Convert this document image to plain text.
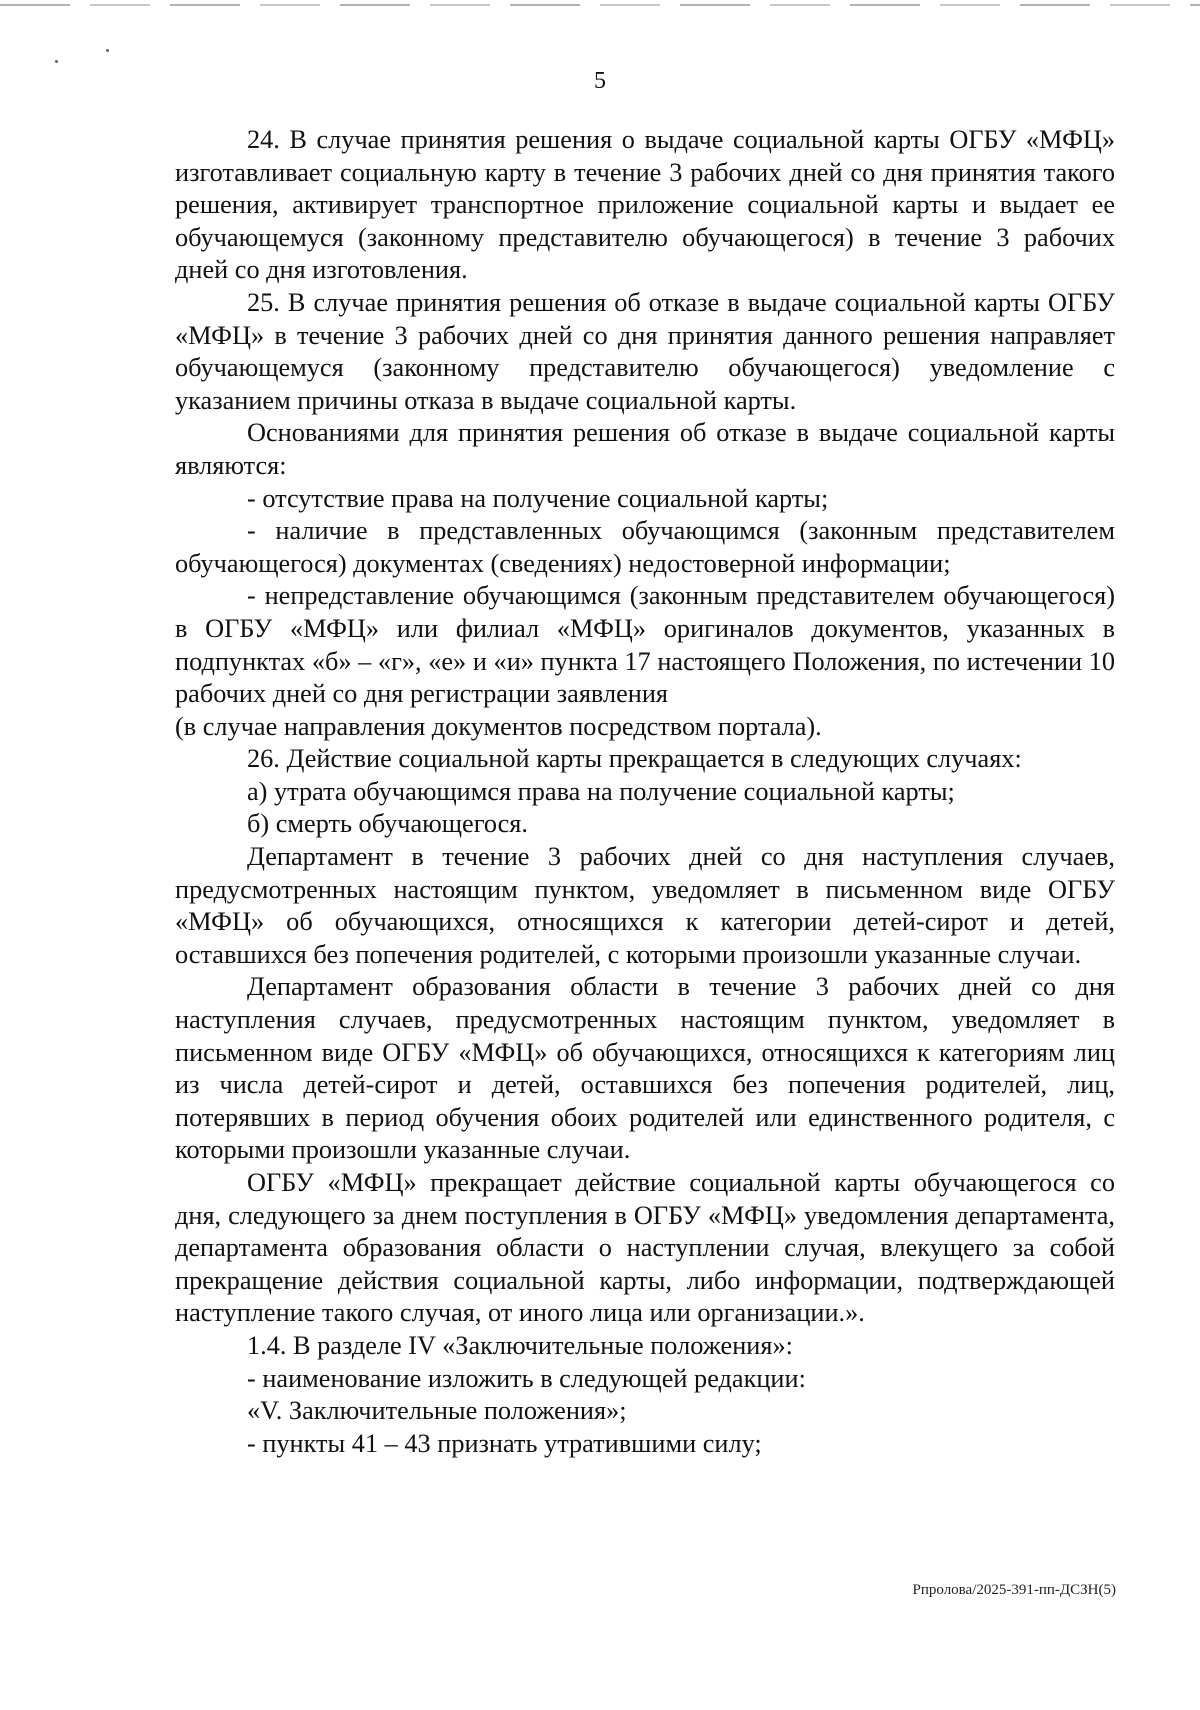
5

24. В случае принятия решения о выдаче социальной карты ОГБУ «МФЦ» изготавливает социальную карту в течение 3 рабочих дней со дня принятия такого решения, активирует транспортное приложение социальной карты и выдает ее обучающемуся (законному представителю обучающегося) в течение 3 рабочих дней со дня изготовления.

25. В случае принятия решения об отказе в выдаче социальной карты ОГБУ «МФЦ» в течение 3 рабочих дней со дня принятия данного решения направляет обучающемуся (законному представителю обучающегося) уведомление с указанием причины отказа в выдаче социальной карты.

Основаниями для принятия решения об отказе в выдаче социальной карты являются:

- отсутствие права на получение социальной карты;

- наличие в представленных обучающимся (законным представителем обучающегося) документах (сведениях) недостоверной информации;

- непредставление обучающимся (законным представителем обучающегося) в ОГБУ «МФЦ» или филиал «МФЦ» оригиналов документов, указанных в подпунктах «б» – «г», «е» и «и» пункта 17 настоящего Положения, по истечении 10 рабочих дней со дня регистрации заявления

(в случае направления документов посредством портала).

26. Действие социальной карты прекращается в следующих случаях:

а) утрата обучающимся права на получение социальной карты;

б) смерть обучающегося.

Департамент в течение 3 рабочих дней со дня наступления случаев, предусмотренных настоящим пунктом, уведомляет в письменном виде ОГБУ «МФЦ» об обучающихся, относящихся к категории детей-сирот и детей, оставшихся без попечения родителей, с которыми произошли указанные случаи.

Департамент образования области в течение 3 рабочих дней со дня наступления случаев, предусмотренных настоящим пунктом, уведомляет в письменном виде ОГБУ «МФЦ» об обучающихся, относящихся к категориям лиц из числа детей-сирот и детей, оставшихся без попечения родителей, лиц, потерявших в период обучения обоих родителей или единственного родителя, с которыми произошли указанные случаи.

ОГБУ «МФЦ» прекращает действие социальной карты обучающегося со дня, следующего за днем поступления в ОГБУ «МФЦ» уведомления департамента, департамента образования области о наступлении случая, влекущего за собой прекращение действия социальной карты, либо информации, подтверждающей наступление такого случая, от иного лица или организации.».

1.4. В разделе IV «Заключительные положения»:

- наименование изложить в следующей редакции:

«V. Заключительные положения»;

- пункты 41 – 43 признать утратившими силу;

Рпролова/2025-391-пп-ДСЗН(5)
